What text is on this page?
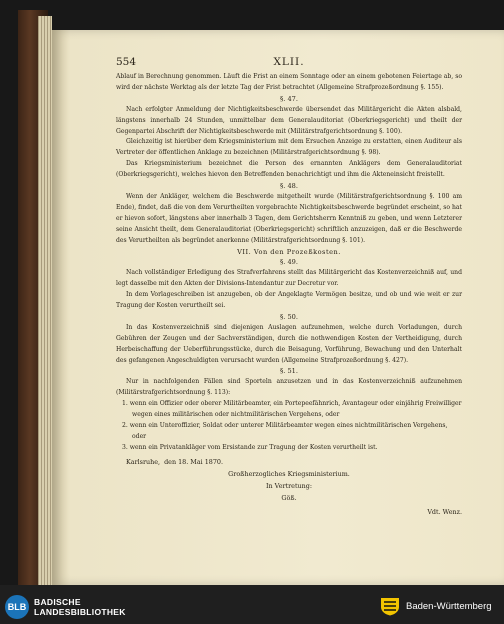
554	XLII.

Ablauf in Berechnung genommen. Läuft die Frist an einem Sonntage oder an einem gebotenen Feiertage ab, so wird der nächste Werktag als der letzte Tag der Frist betrachtet (Allgemeine Strafprozeßordnung §. 155).

§. 47.

Nach erfolgter Anmeldung der Nichtigkeitsbeschwerde übersendet das Militärgericht die Akten alsbald, längstens innerhalb 24 Stunden, unmittelbar dem Generalauditoriat (Oberkriegsgericht) und theilt der Gegenpartei Abschrift der Nichtigkeitsbeschwerde mit (Militärstrafgerichtsordnung §. 100).

Gleichzeitig ist hierüber dem Kriegsministerium mit dem Ersuchen Anzeige zu erstatten, einen Auditeur als Vertreter der öffentlichen Anklage zu bezeichnen (Militärstrafgerichtsordnung §. 98).

Das Kriegsministerium bezeichnet die Person des ernannten Anklägers dem Generalauditoriat (Oberkriegsgericht), welches hievon den Betreffenden benachrichtigt und ihm die Akteneinsicht freistellt.

§. 48.

Wenn der Ankläger, welchem die Beschwerde mitgetheilt wurde (Militärstrafgerichtsordnung §. 100 am Ende), findet, daß die von dem Verurtheilten vorgebrachte Nichtigkeitsbeschwerde begründet erscheint, so hat er hievon sofort, längstens aber innerhalb 3 Tagen, dem Gerichtsherrn Kenntniß zu geben, und wenn Letzterer seine Ansicht theilt, dem Generalauditoriat (Oberkriegsgericht) schriftlich anzuzeigen, daß er die Beschwerde des Verurtheilten als begründet anerkenne (Militärstrafgerichtsordnung §. 101).

VII. Von den Prozeßkosten.

§. 49.

Nach vollständiger Erledigung des Strafverfahrens stellt das Militärgericht das Kostenverzeichniß auf, und legt dasselbe mit den Akten der Divisions-Intendantur zur Decretur vor.

In dem Vorlageschreiben ist anzugeben, ob der Angeklagte Vermögen besitze, und ob und wie weit er zur Tragung der Kosten verurtheilt sei.

§. 50.

In das Kostenverzeichniß sind diejenigen Auslagen aufzunehmen, welche durch Vorladungen, durch Gebühren der Zeugen und der Sachverständigen, durch die nothwendigen Kosten der Vertheidigung, durch Herbeischaffung der Ueberführungsstücke, durch die Beisagung, Vorführung, Bewachung und den Unterhalt des gefangenen Angeschuldigten verursacht wurden (Allgemeine Strafprozeßordnung §. 427).

§. 51.

Nur in nachfolgenden Fällen sind Sporteln anzusetzen und in das Kostenverzeichniß aufzunehmen (Militärstrafgerichtsordnung §. 113):

1. wenn ein Offizier oder oberer Militärbeamter, ein Portepeefähnrich, Avantageur oder einjährig Freiwilliger wegen eines militärischen oder nichtmilitärischen Vergehens, oder

2. wenn ein Unteroffizier, Soldat oder unterer Militärbeamter wegen eines nichtmilitärischen Vergehens, oder

3. wenn ein Privatankläger vom Ersistande zur Tragung der Kosten verurtheilt ist.

Karlsruhe, den 18. Mai 1870.

Großherzogliches Kriegsministerium.

In Vertretung:

Göß.

Vdt. Wenz.

BLB BADISCHE
LANDESBIBLIOTHEK	Baden-Württemberg
